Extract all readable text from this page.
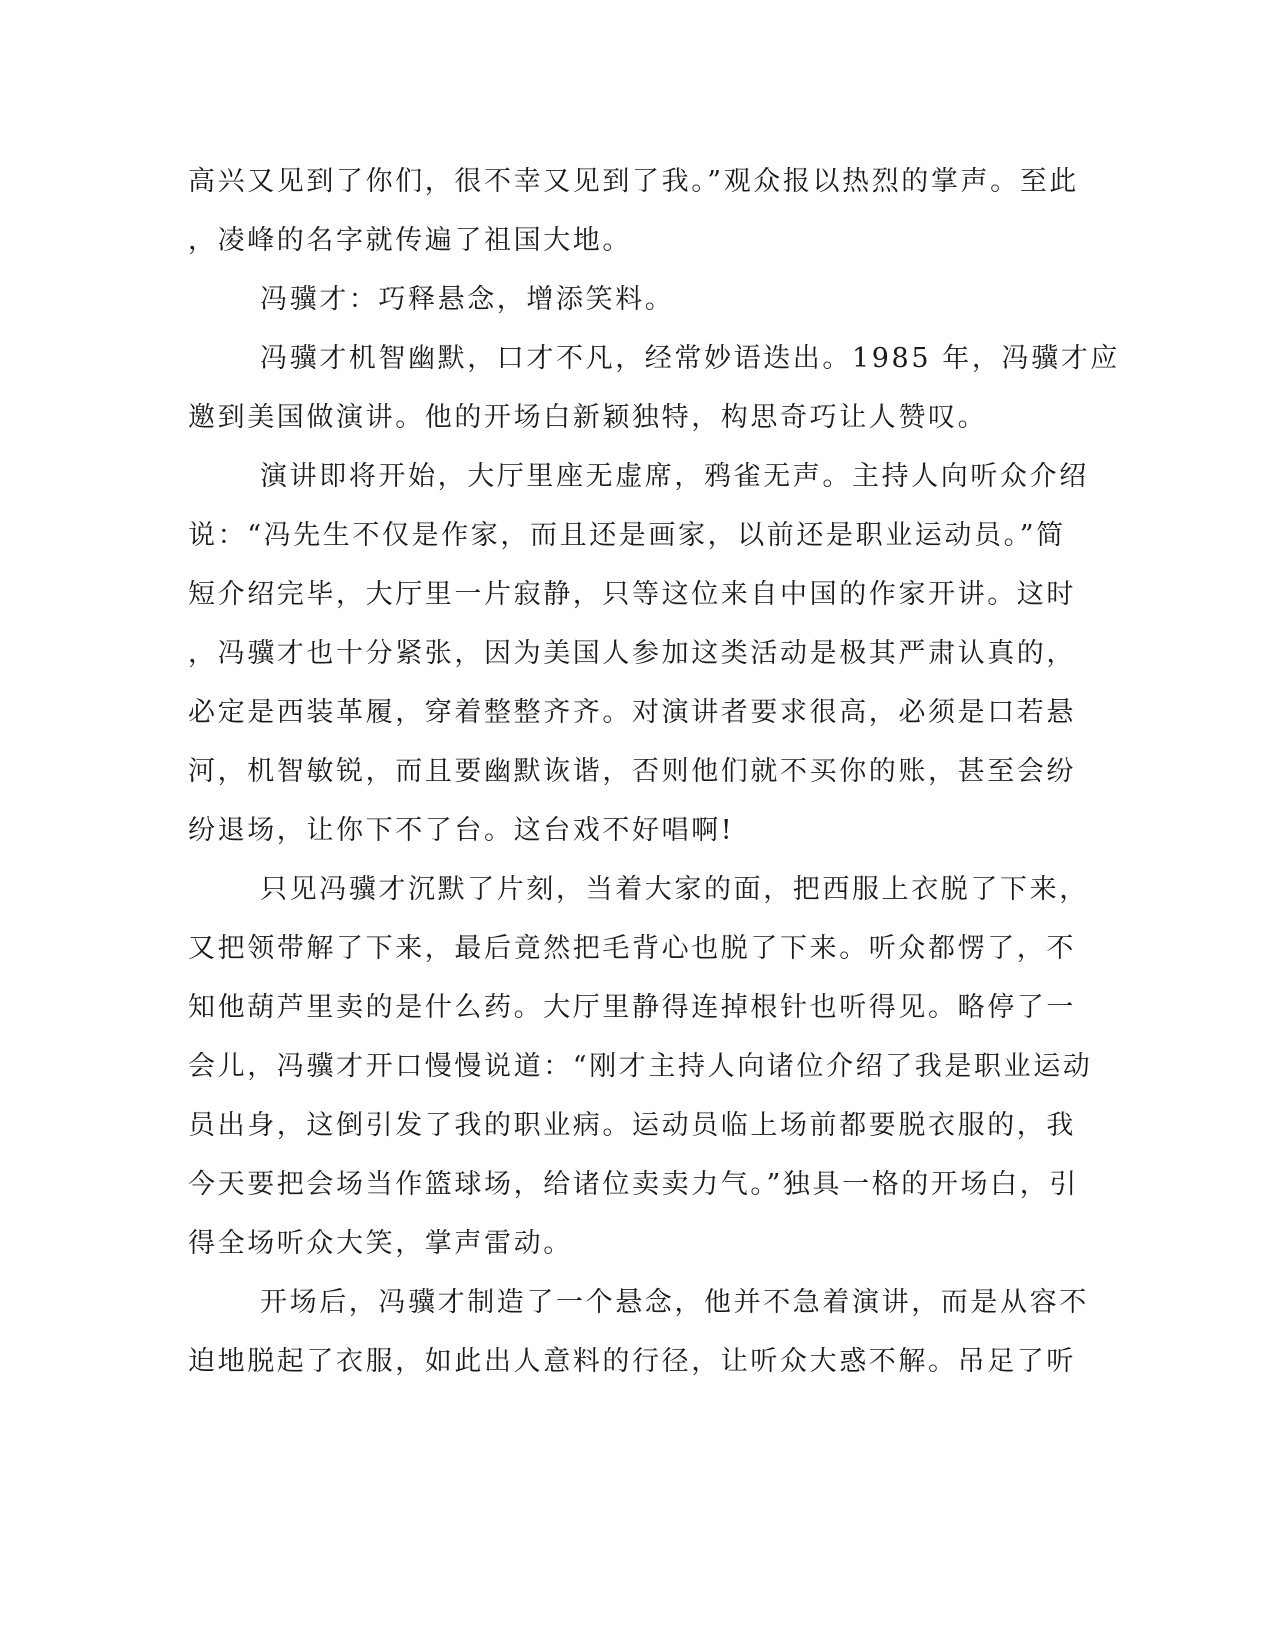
高兴又见到了你们，很不幸又见到了我。”观众报以热烈的掌声。至此
，凌峰的名字就传遍了祖国大地。
冯骥才：巧释悬念，增添笑料。
冯骥才机智幽默，口才不凡，经常妙语迭出。1985 年，冯骥才应
邀到美国做演讲。他的开场白新颖独特，构思奇巧让人赞叹。
演讲即将开始，大厅里座无虚席，鸦雀无声。主持人向听众介绍
说：“冯先生不仅是作家，而且还是画家，以前还是职业运动员。”简
短介绍完毕，大厅里一片寂静，只等这位来自中国的作家开讲。这时
，冯骥才也十分紧张，因为美国人参加这类活动是极其严肃认真的，
必定是西装革履，穿着整整齐齐。对演讲者要求很高，必须是口若悬
河，机智敏锐，而且要幽默诙谐，否则他们就不买你的账，甚至会纷
纷退场，让你下不了台。这台戏不好唱啊!
只见冯骥才沉默了片刻，当着大家的面，把西服上衣脱了下来，
又把领带解了下来，最后竟然把毛背心也脱了下来。听众都愣了，不
知他葫芦里卖的是什么药。大厅里静得连掉根针也听得见。略停了一
会儿，冯骥才开口慢慢说道：“刚才主持人向诸位介绍了我是职业运动
员出身，这倒引发了我的职业病。运动员临上场前都要脱衣服的，我
今天要把会场当作篮球场，给诸位卖卖力气。”独具一格的开场白，引
得全场听众大笑，掌声雷动。
开场后，冯骥才制造了一个悬念，他并不急着演讲，而是从容不
迫地脱起了衣服，如此出人意料的行径，让听众大惑不解。吊足了听
